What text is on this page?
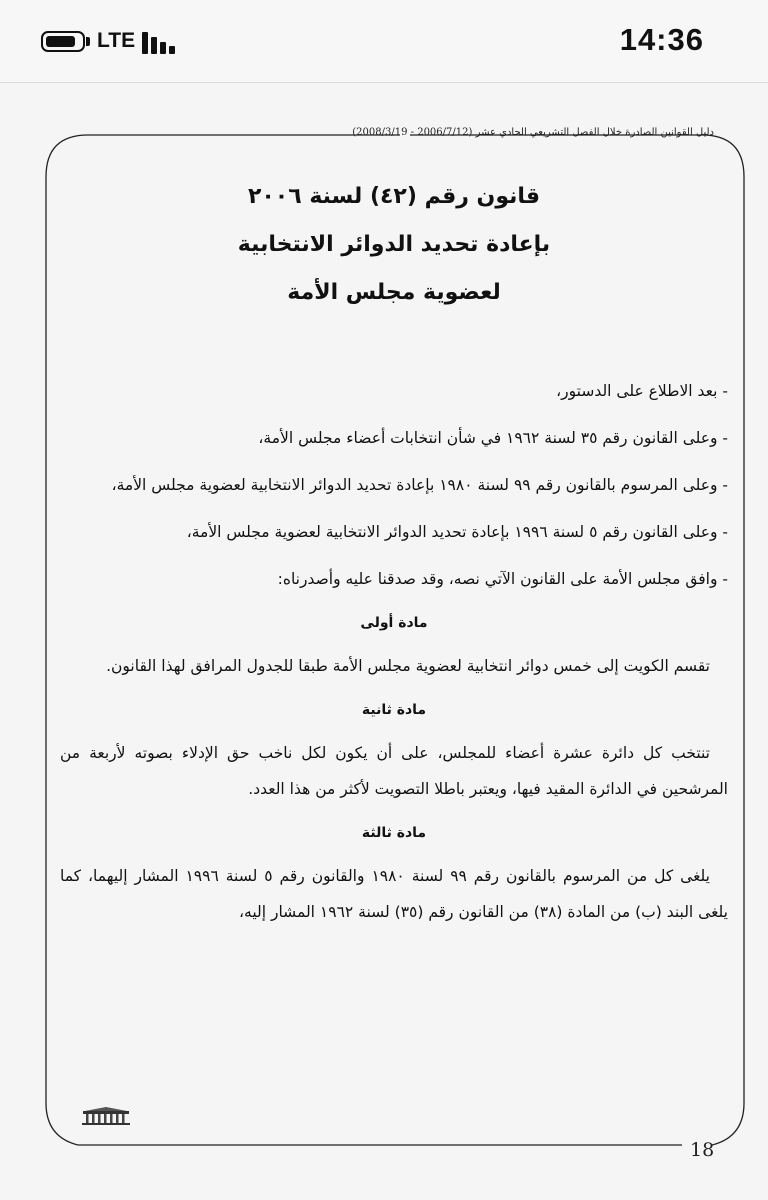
LTE	14:36
دليل القوانين الصادرة خلال الفصل التشريعي الحادي عشر (2006/7/12 - 2008/3/19)
قانون رقم (٤٢) لسنة ٢٠٠٦
بإعادة تحديد الدوائر الانتخابية
لعضوية مجلس الأمة

- بعد الاطلاع على الدستور،

- وعلى القانون رقم ٣٥ لسنة ١٩٦٢ في شأن انتخابات أعضاء مجلس الأمة،

- وعلى المرسوم بالقانون رقم ٩٩ لسنة ١٩٨٠ بإعادة تحديد الدوائر الانتخابية لعضوية مجلس الأمة،

- وعلى القانون رقم ٥ لسنة ١٩٩٦ بإعادة تحديد الدوائر الانتخابية لعضوية مجلس الأمة،

- وافق مجلس الأمة على القانون الآتي نصه، وقد صدقنا عليه وأصدرناه:

مادة أولى

تقسم الكويت إلى خمس دوائر انتخابية لعضوية مجلس الأمة طبقا للجدول المرافق لهذا القانون.

مادة ثانية

تنتخب كل دائرة عشرة أعضاء للمجلس، على أن يكون لكل ناخب حق الإدلاء بصوته لأربعة من المرشحين في الدائرة المقيد فيها، ويعتبر باطلا التصويت لأكثر من هذا العدد.

مادة ثالثة

يلغى كل من المرسوم بالقانون رقم ٩٩ لسنة ١٩٨٠ والقانون رقم ٥ لسنة ١٩٩٦ المشار إليهما، كما يلغى البند (ب) من المادة (٣٨) من القانون رقم (٣٥) لسنة ١٩٦٢ المشار إليه،

18
